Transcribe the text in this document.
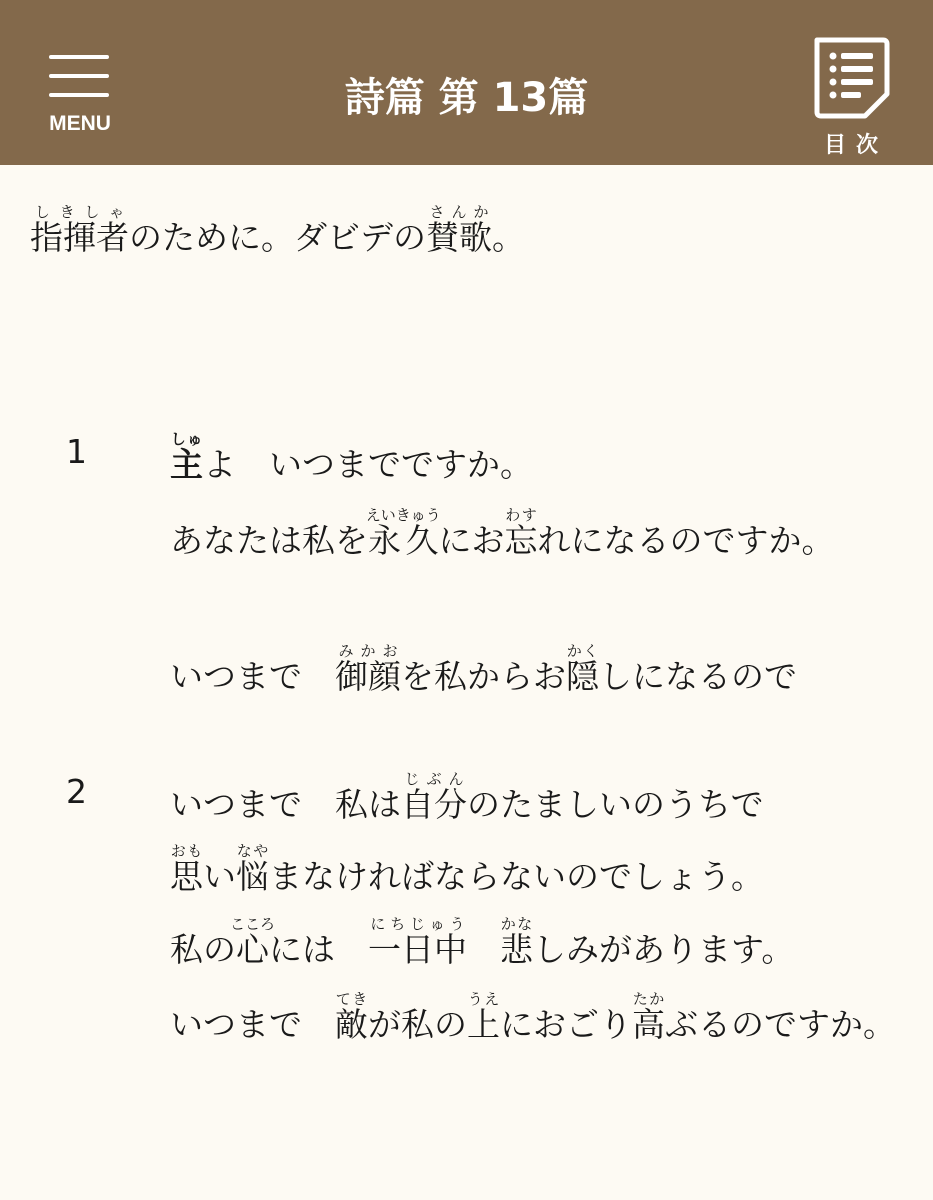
MENU
詩篇 第 13篇
目次
指揮者しきしゃのために。ダビデの賛歌さんか。
1	主しゅよ　いつまでですか。
あなたは私を永久えいきゅうにお忘わすれになるのですか。
いつまで　御顔みかおを私からお隠かくしになるので
2	いつまで　私は自分じぶんのたましいのうちで
思おもい悩なやまなければならないのでしょう。
私の心こころには　一日中にちじゅう　悲かなしみがあります。
いつまで　敵てきが私の上うえにおごり高たかぶるのですか。
